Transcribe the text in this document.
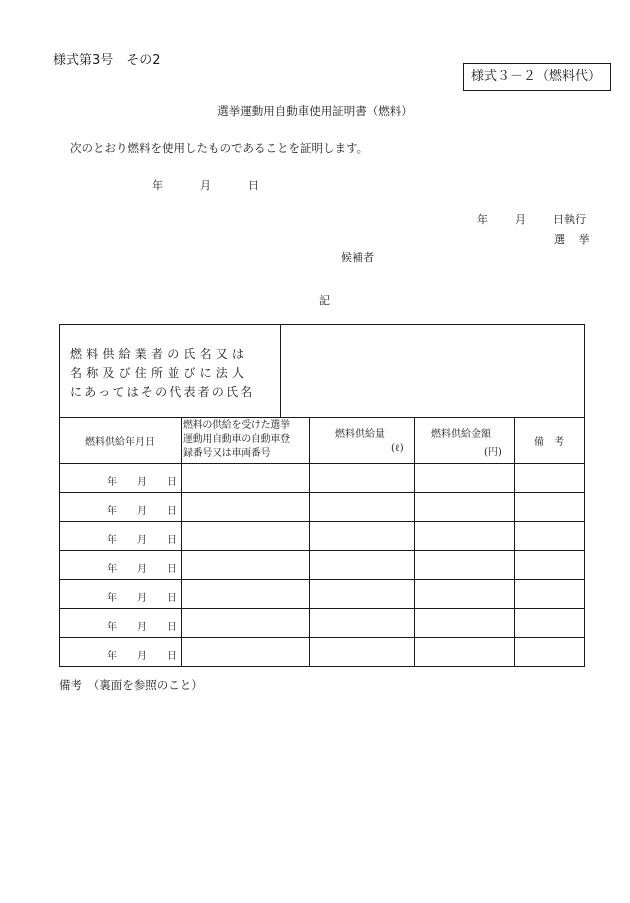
様式第3号　その2
様式３－２（燃料代）
選挙運動用自動車使用証明書（燃料）
次のとおり燃料を使用したものであることを証明します。
年	月	日
年 月 日執行
選 挙
候補者
記
燃料供給業者の氏名又は
名称及び住所並びに法人
にあってはその代表者の氏名
燃料供給年月日
燃料の供給を受けた選挙
運動用自動車の自動車登
録番号又は車両番号
燃料供給量
(ℓ)
燃料供給金額
(円)
備　考
年 月 日
年 月 日
年 月 日
年 月 日
年 月 日
年 月 日
年 月 日
備考　（裏面を参照のこと）
